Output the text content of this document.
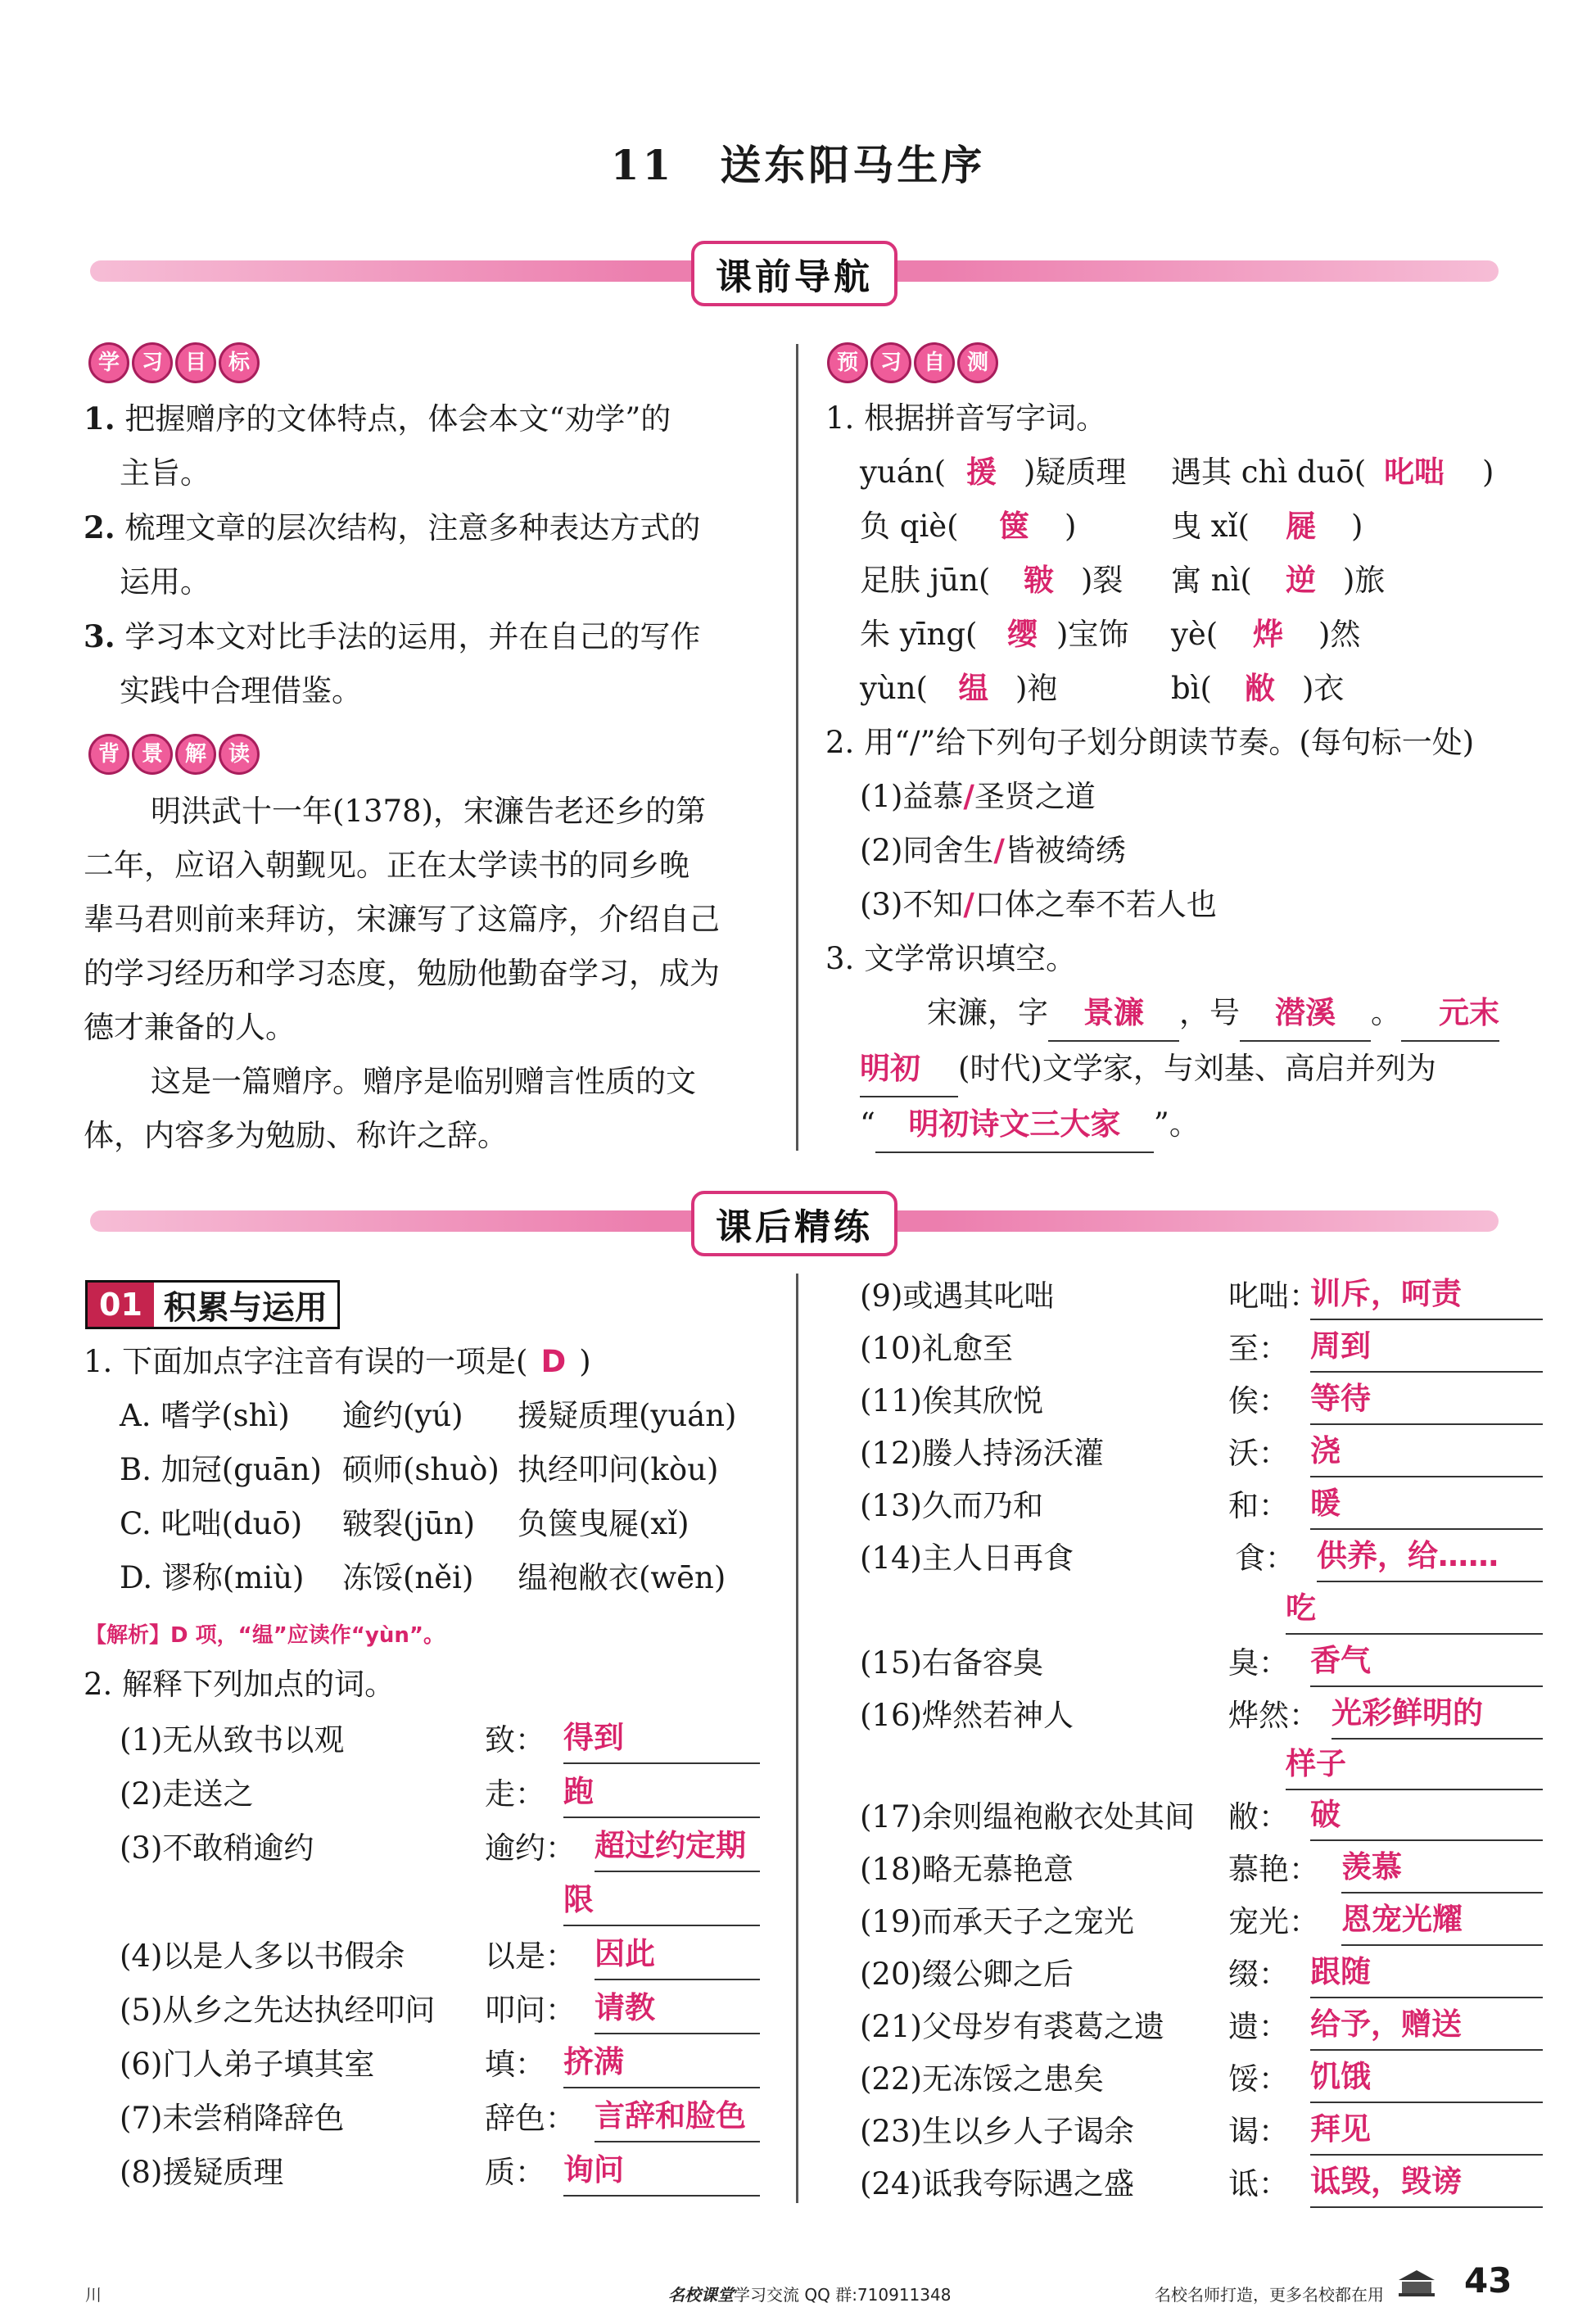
11 送东阳马生序
课前导航
学	习	目	标
1. 把握赠序的文体特点，体会本文“劝学”的
主旨。
2. 梳理文章的层次结构，注意多种表达方式的
运用。
3. 学习本文对比手法的运用，并在自己的写作
实践中合理借鉴。
背	景	解	读
明洪武十一年(1378)，宋濂告老还乡的第
二年，应诏入朝觐见。正在太学读书的同乡晚
辈马君则前来拜访，宋濂写了这篇序，介绍自己
的学习经历和学习态度，勉励他勤奋学习，成为
德才兼备的人。
这是一篇赠序。赠序是临别赠言性质的文
体，内容多为勉励、称许之辞。
预	习	自	测
1. 根据拼音写字词。
yuán( 援 )疑质理 遇其 chì duō( 叱咄 )
负 qiè( 箧 )	曳 xǐ( 屣 )
足肤 jūn( 皲 )裂 寓 nì( 逆 )旅
朱 yīng( 缨 )宝饰 yè( 烨 )然
yùn( 缊 )袍	bì( 敝 )衣
2. 用“/”给下列句子划分朗读节奏。(每句标一处)
(1)益慕/圣贤之道
(2)同舍生/皆被绮绣
(3)不知/口体之奉不若人也
3. 文学常识填空。
宋濂，字 景濂 ，号 潜溪 。 元末
明初 (时代)文学家，与刘基、高启并列为
“ 明初诗文三大家 ”。
课后精练
01 积累与运用
1. 下面加点字注音有误的一项是( D )
A. 嗜学(shì) 逾约(yú) 援疑质理(yuán)
B. 加冠(guān) 硕师(shuò) 执经叩问(kòu)
C. 叱咄(duō) 皲裂(jūn) 负箧曳屣(xǐ)
D. 谬称(miù) 冻馁(něi) 缊袍敝衣(wēn)
【解析】D 项，“缊”应读作“yùn”。
2. 解释下列加点的词。
(1)无从致书以观	致： 得到
(2)走送之	走： 跑
(3)不敢稍逾约	逾约： 超过约定期
限
(4)以是人多以书假余	以是： 因此
(5)从乡之先达执经叩问 叩问： 请教
(6)门人弟子填其室	填： 挤满
(7)未尝稍降辞色	辞色： 言辞和脸色
(8)援疑质理	质： 询问
(9)或遇其叱咄	叱咄：
训斥，呵责
(10)礼愈至	至： 周到
(11)俟其欣悦	俟： 等待
(12)媵人持汤沃灌	沃： 浇
(13)久而乃和	和： 暖
(14)主人日再食	食： 供养，给……
吃
(15)右备容臭	臭： 香气
(16)烨然若神人	烨然： 光彩鲜明的
样子
(17)余则缊袍敝衣处其间 敝： 破
(18)略无慕艳意	慕艳： 羡慕
(19)而承天子之宠光	宠光： 恩宠光耀
(20)缀公卿之后	缀： 跟随
(21)父母岁有裘葛之遗 遗： 给予，赠送
(22)无冻馁之患矣	馁： 饥饿
(23)生以乡人子谒余	谒： 拜见
(24)诋我夸际遇之盛	诋： 诋毁，毁谤
川	名校课堂学习交流 QQ 群:710911348	名校名师打造，更多名校都在用 43
